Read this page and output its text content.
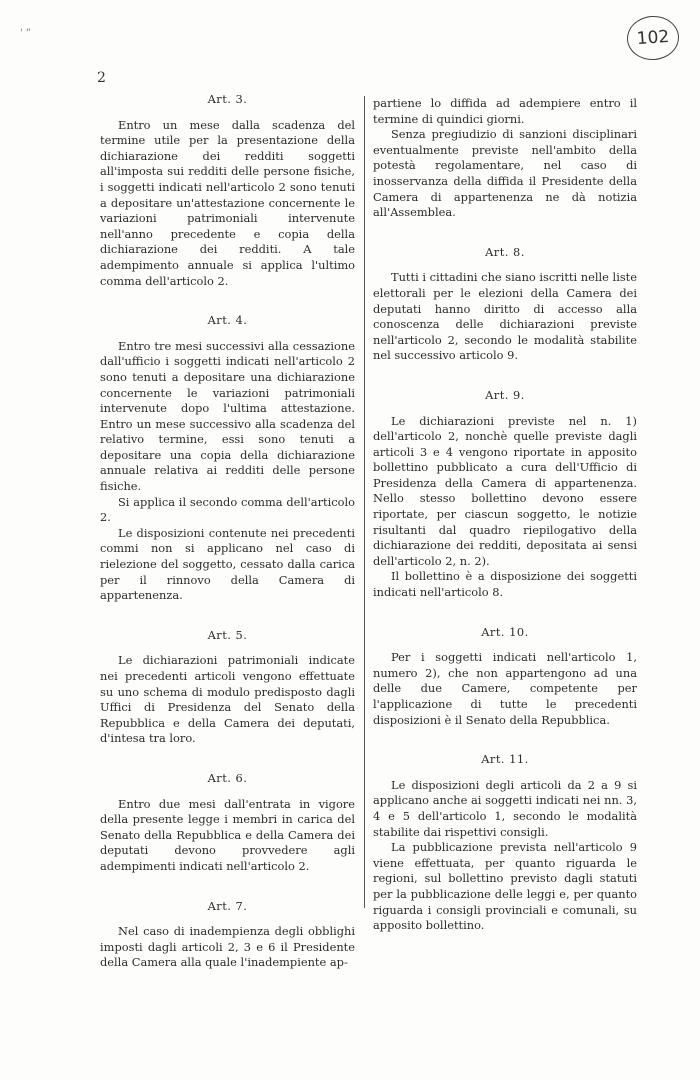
' ”	102
2
Art. 3.

Entro un mese dalla scadenza del termine utile per la presentazione della dichiarazione dei redditi soggetti all'imposta sui redditi delle persone fisiche, i soggetti indicati nell'articolo 2 sono tenuti a depositare un'attestazione concernente le variazioni patrimoniali intervenute nell'anno precedente e copia della dichiarazione dei redditi. A tale adempimento annuale si applica l'ultimo comma dell'articolo 2.

Art. 4.

Entro tre mesi successivi alla cessazione dall'ufficio i soggetti indicati nell'articolo 2 sono tenuti a depositare una dichiarazione concernente le variazioni patrimoniali intervenute dopo l'ultima attestazione. Entro un mese successivo alla scadenza del relativo termine, essi sono tenuti a depositare una copia della dichiarazione annuale relativa ai redditi delle persone fisiche.

Si applica il secondo comma dell'articolo 2.

Le disposizioni contenute nei precedenti commi non si applicano nel caso di rielezione del soggetto, cessato dalla carica per il rinnovo della Camera di appartenenza.

Art. 5.

Le dichiarazioni patrimoniali indicate nei precedenti articoli vengono effettuate su uno schema di modulo predisposto dagli Uffici di Presidenza del Senato della Repubblica e della Camera dei deputati, d'intesa tra loro.

Art. 6.

Entro due mesi dall'entrata in vigore della presente legge i membri in carica del Senato della Repubblica e della Camera dei deputati devono provvedere agli adempimenti indicati nell'articolo 2.

Art. 7.

Nel caso di inadempienza degli obblighi imposti dagli articoli 2, 3 e 6 il Presidente della Camera alla quale l'inadempiente ap-

partiene lo diffida ad adempiere entro il termine di quindici giorni.

Senza pregiudizio di sanzioni disciplinari eventualmente previste nell'ambito della potestà regolamentare, nel caso di inosservanza della diffida il Presidente della Camera di appartenenza ne dà notizia all'Assemblea.

Art. 8.

Tutti i cittadini che siano iscritti nelle liste elettorali per le elezioni della Camera dei deputati hanno diritto di accesso alla conoscenza delle dichiarazioni previste nell'articolo 2, secondo le modalità stabilite nel successivo articolo 9.

Art. 9.

Le dichiarazioni previste nel n. 1) dell'articolo 2, nonchè quelle previste dagli articoli 3 e 4 vengono riportate in apposito bollettino pubblicato a cura dell'Ufficio di Presidenza della Camera di appartenenza. Nello stesso bollettino devono essere riportate, per ciascun soggetto, le notizie risultanti dal quadro riepilogativo della dichiarazione dei redditi, depositata ai sensi dell'articolo 2, n. 2).

Il bollettino è a disposizione dei soggetti indicati nell'articolo 8.

Art. 10.

Per i soggetti indicati nell'articolo 1, numero 2), che non appartengono ad una delle due Camere, competente per l'applicazione di tutte le precedenti disposizioni è il Senato della Repubblica.

Art. 11.

Le disposizioni degli articoli da 2 a 9 si applicano anche ai soggetti indicati nei nn. 3, 4 e 5 dell'articolo 1, secondo le modalità stabilite dai rispettivi consigli.

La pubblicazione prevista nell'articolo 9 viene effettuata, per quanto riguarda le regioni, sul bollettino previsto dagli statuti per la pubblicazione delle leggi e, per quanto riguarda i consigli provinciali e comunali, su apposito bollettino.
